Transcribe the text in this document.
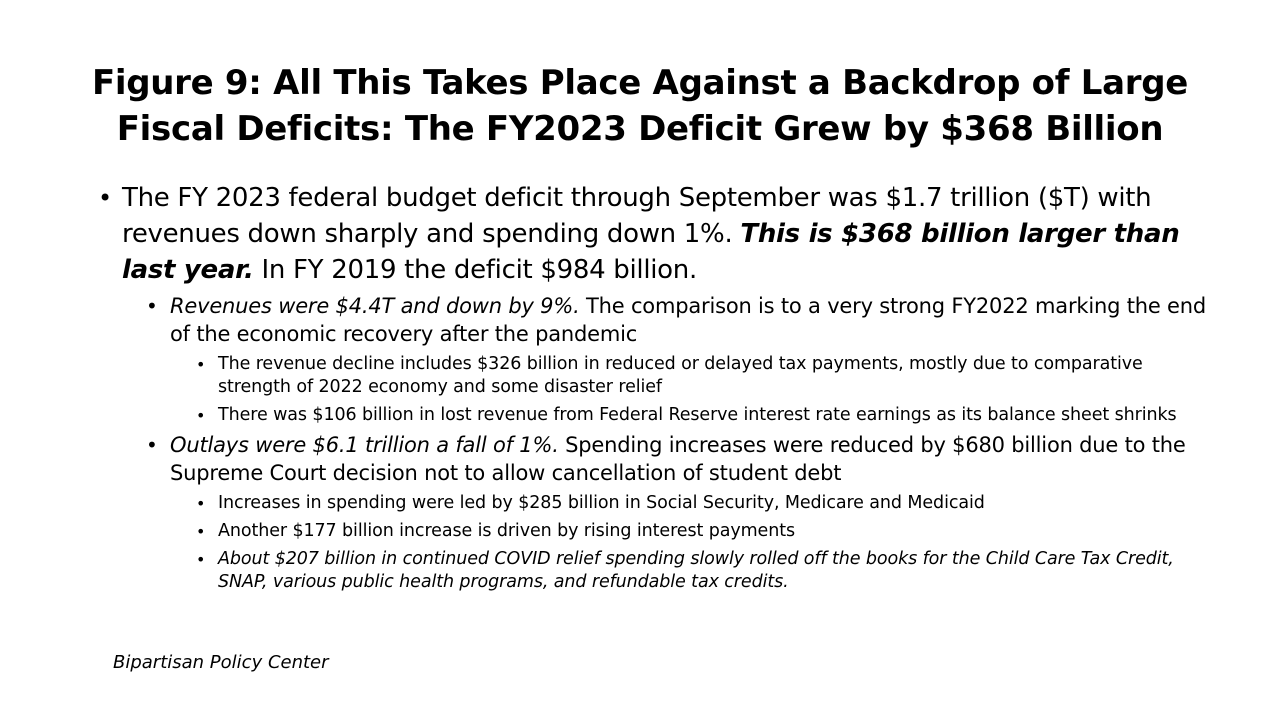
Figure 9: All This Takes Place Against a Backdrop of Large
Fiscal Deficits: The FY2023 Deficit Grew by $368 Billion
• The FY 2023 federal budget deficit through September was $1.7 trillion ($T) with revenues down sharply and spending down 1%. This is $368 billion larger than last year. In FY 2019 the deficit $984 billion.
• Revenues were $4.4T and down by 9%. The comparison is to a very strong FY2022 marking the end of the economic recovery after the pandemic
• The revenue decline includes $326 billion in reduced or delayed tax payments, mostly due to comparative strength of 2022 economy and some disaster relief
• There was $106 billion in lost revenue from Federal Reserve interest rate earnings as its balance sheet shrinks
• Outlays were $6.1 trillion a fall of 1%. Spending increases were reduced by $680 billion due to the Supreme Court decision not to allow cancellation of student debt
• Increases in spending were led by $285 billion in Social Security, Medicare and Medicaid
• Another $177 billion increase is driven by rising interest payments
• About $207 billion in continued COVID relief spending slowly rolled off the books for the Child Care Tax Credit, SNAP, various public health programs, and refundable tax credits.
Bipartisan Policy Center
